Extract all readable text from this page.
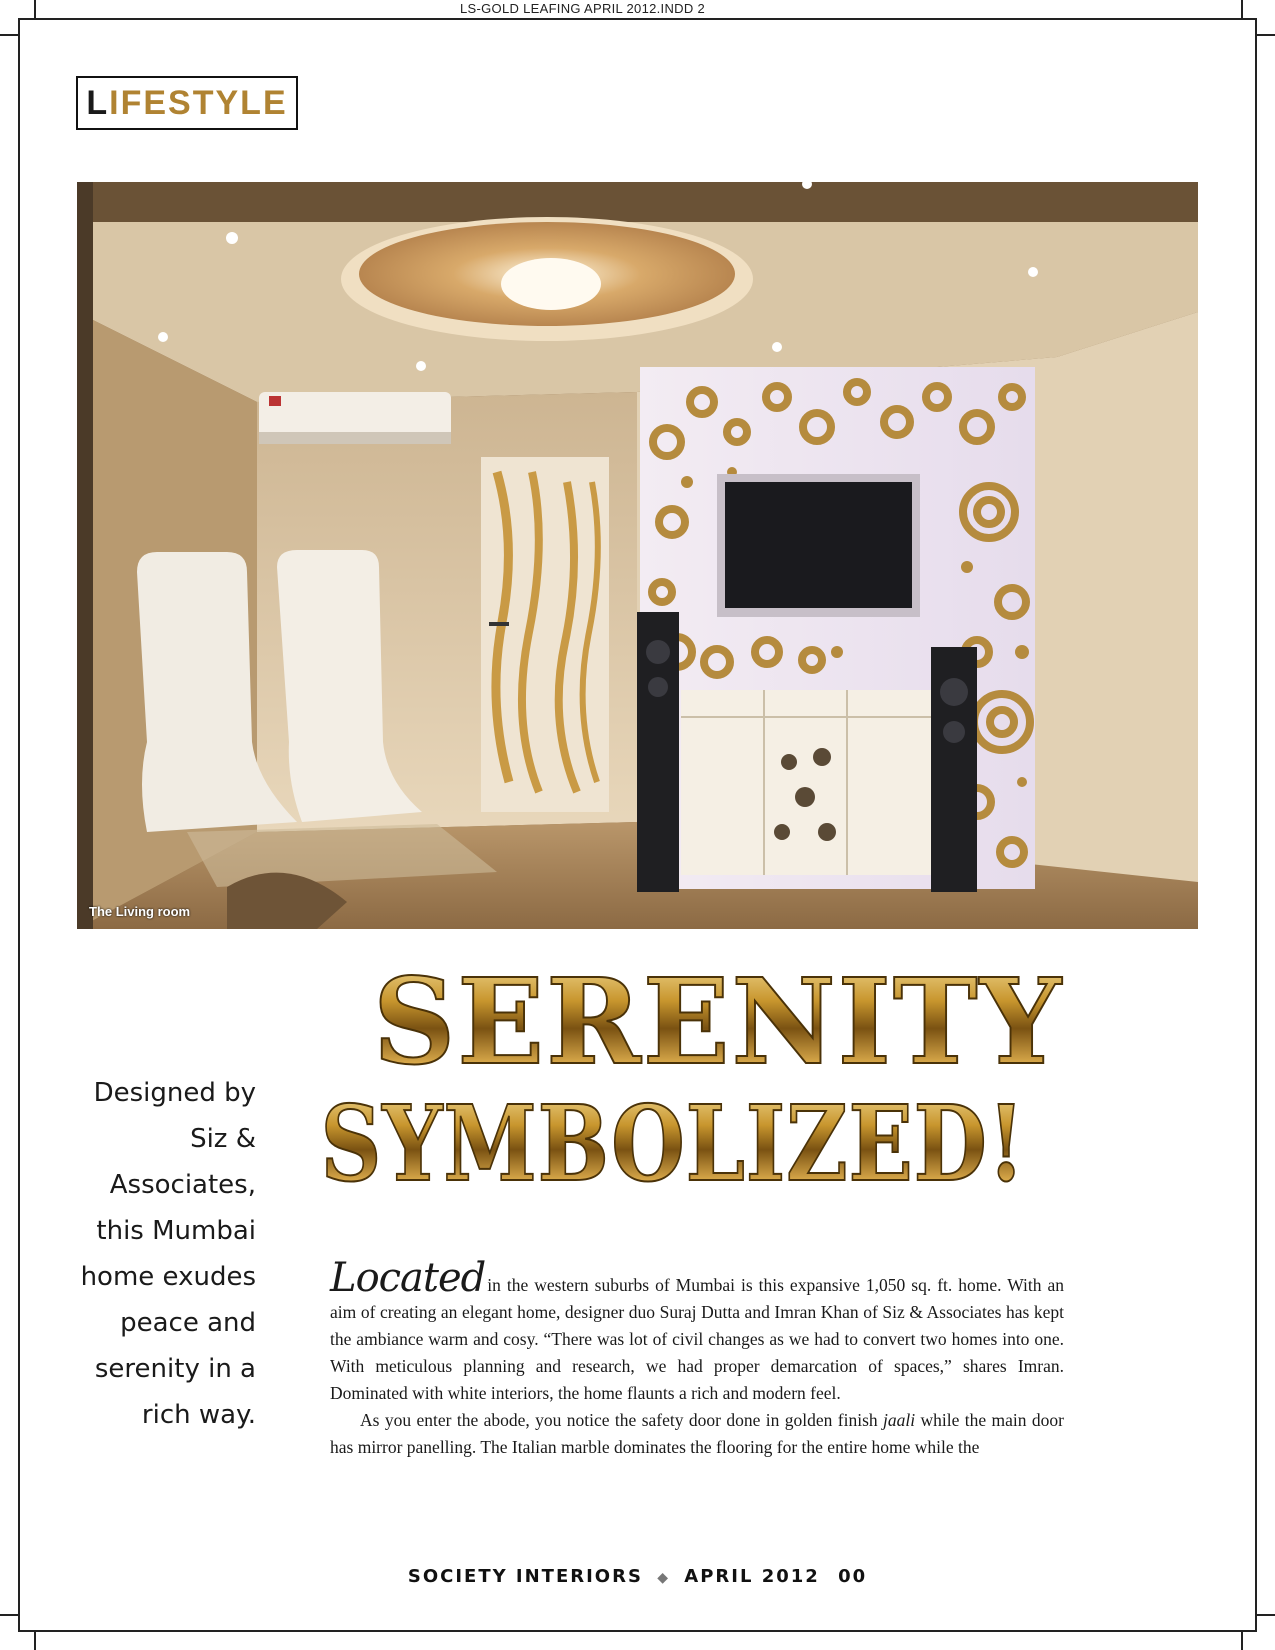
LS-GOLD LEAFING APRIL 2012.INDD 2
L IFESTYLE
The Living room
SERENITY
SYMBOLIZED!
Designed by Siz & Associates, this Mumbai home exudes peace and serenity in a rich way.

Located in the western suburbs of Mumbai is this expansive 1,050 sq. ft. home. With an aim of creating an elegant home, designer duo Suraj Dutta and Imran Khan of Siz & Associates has kept the ambiance warm and cosy. “There was lot of civil changes as we had to convert two homes into one. With meticulous planning and research, we had proper demarcation of spaces,” shares Imran. Dominated with white interiors, the home flaunts a rich and modern feel.

As you enter the abode, you notice the safety door done in golden finish jaali while the main door has mirror panelling. The Italian marble dominates the flooring for the entire home while the

SOCIETY INTERIORS ◆ APRIL 2012 00
